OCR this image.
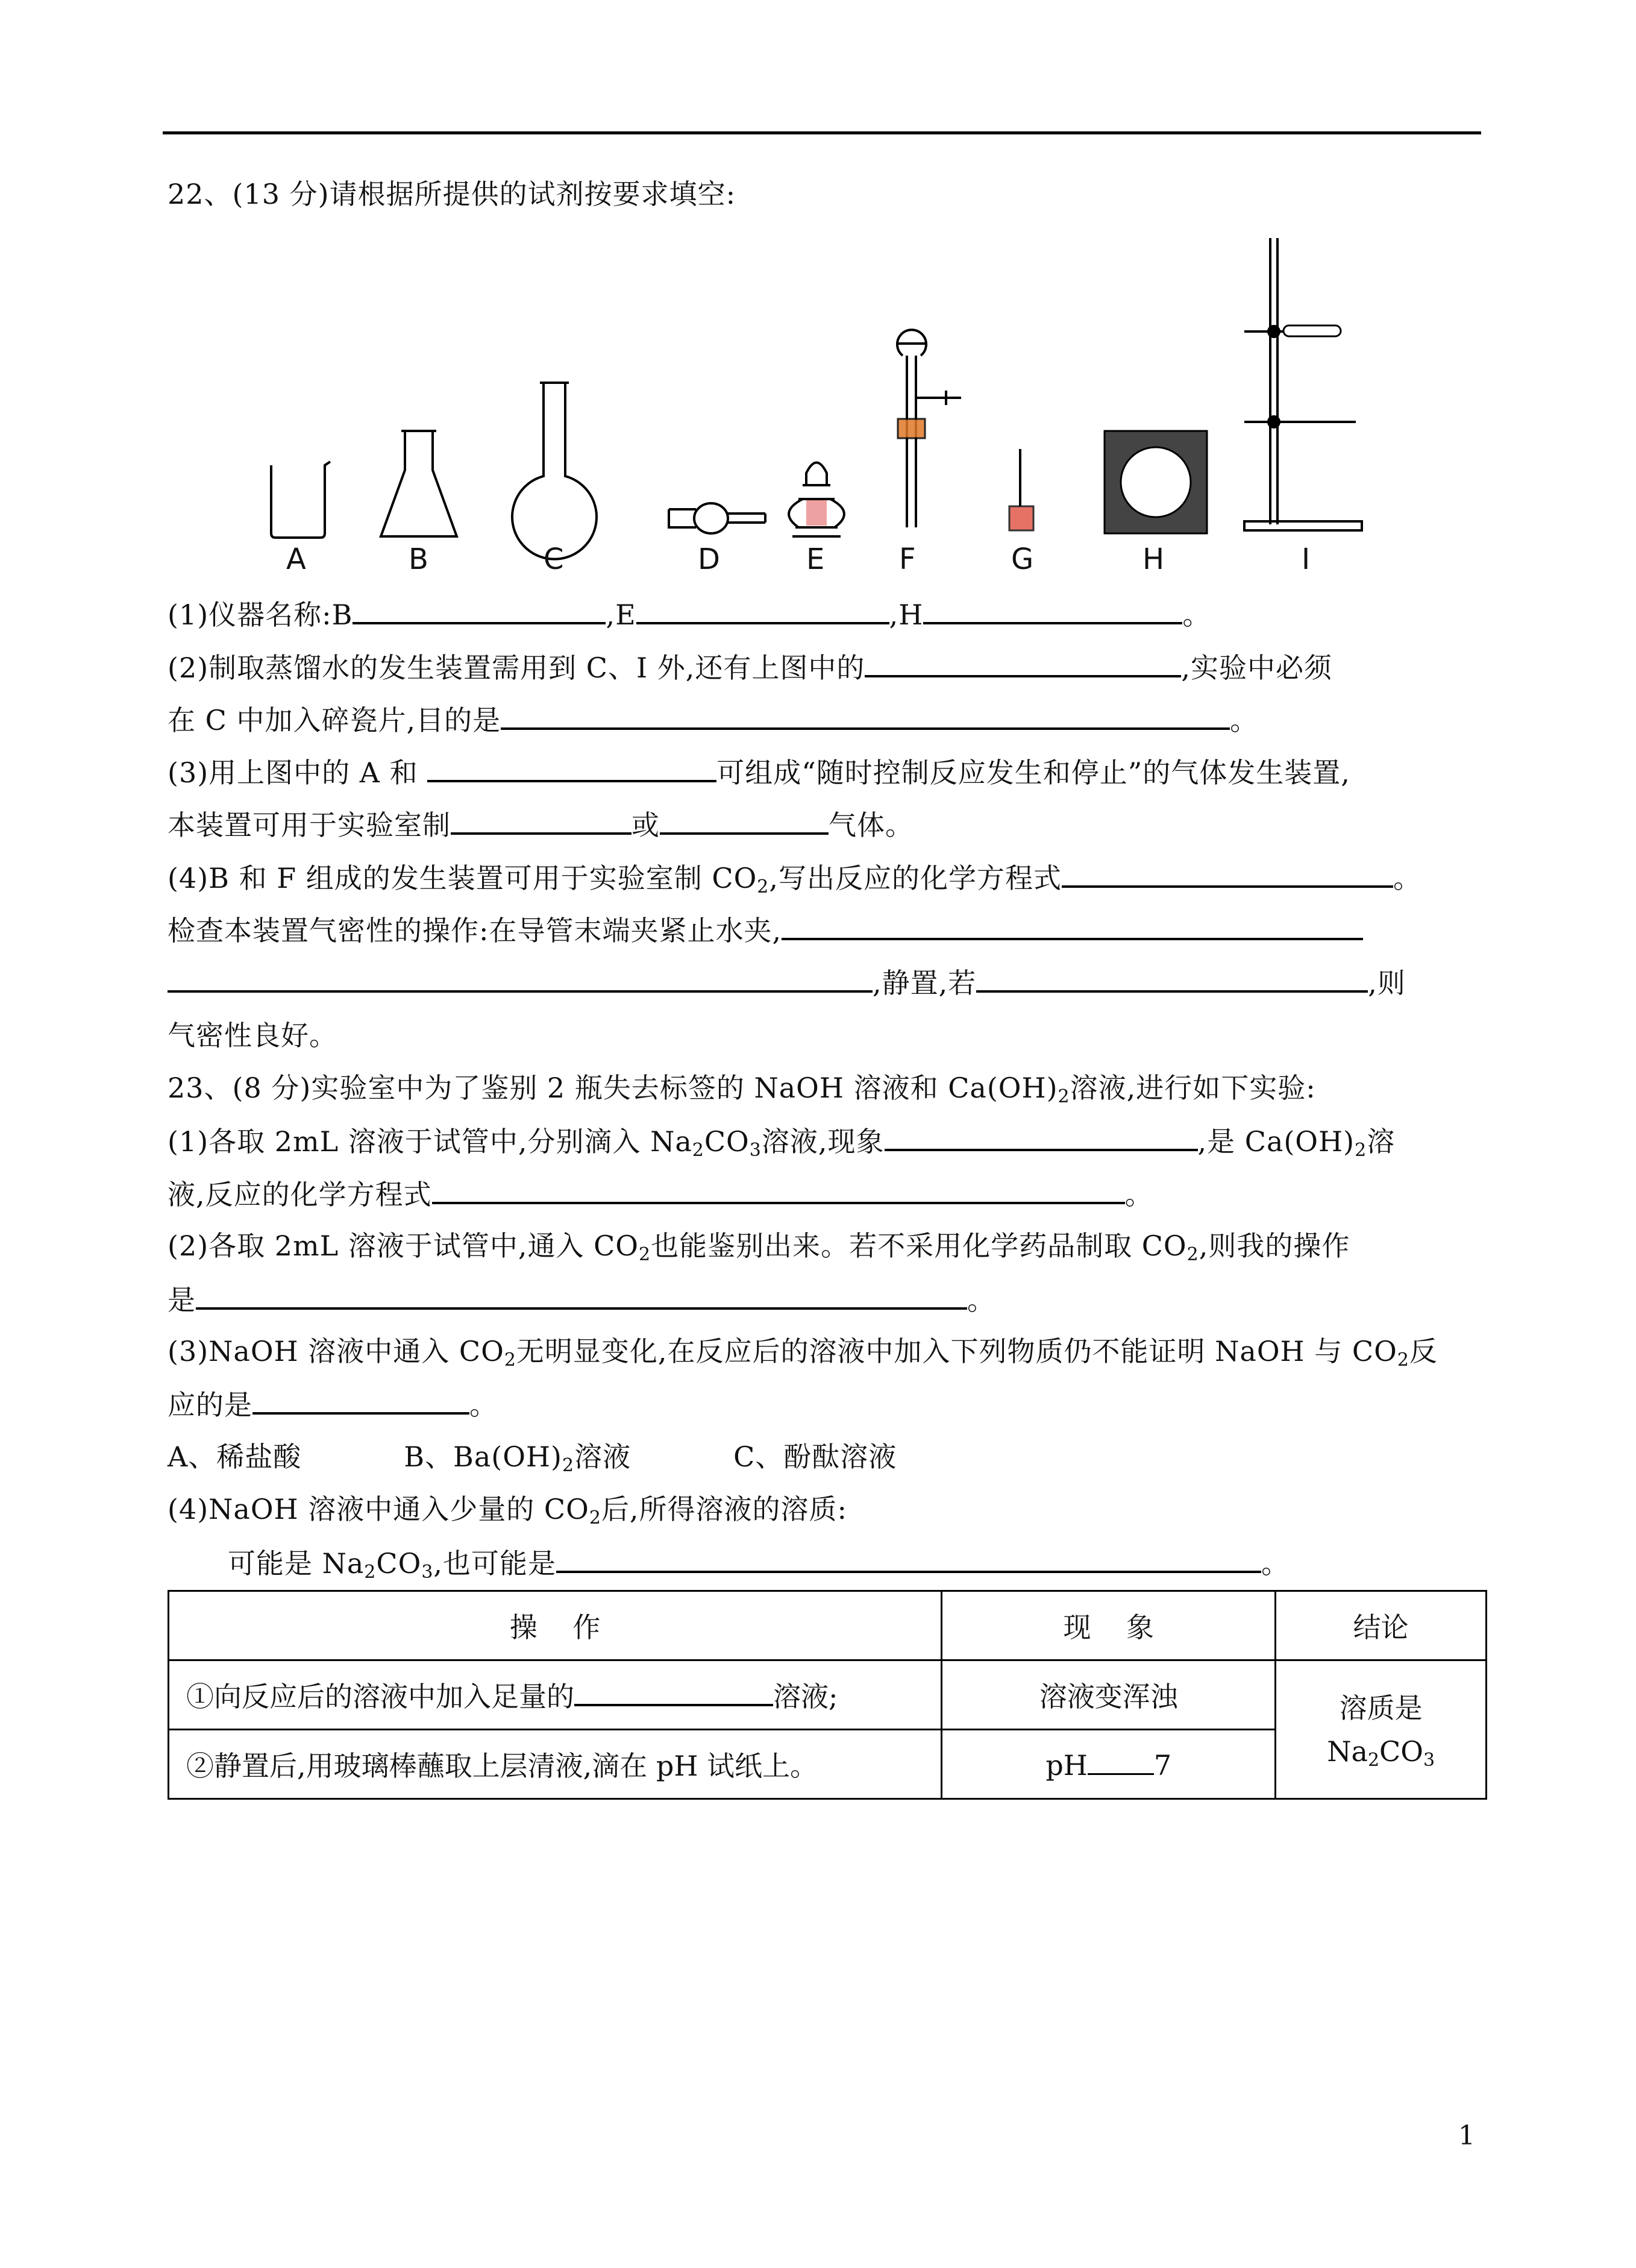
22、(13 分)请根据所提供的试剂按要求填空:
A	B	C	D	E	F	G	H	I
(1)仪器名称:B	,E	,H	。
(2)制取蒸馏水的发生装置需用到 C、I 外,还有上图中的	,实验中必须
在 C 中加入碎瓷片,目的是	。
(3)用上图中的 A 和	可组成“随时控制反应发生和停止”的气体发生装置,
本装置可用于实验室制	或	气体。
(4)B 和 F 组成的发生装置可用于实验室制 $CO_2$,写出反应的化学方程式	。
检查本装置气密性的操作:在导管末端夹紧止水夹,
,静置,若	,则
气密性良好。
23、(8 分)实验室中为了鉴别 2 瓶失去标签的 NaOH 溶液和 $Ca(OH)_2$溶液,进行如下实验:
(1)各取 2mL 溶液于试管中,分别滴入 $Na_2CO_3$溶液,现象	,是 $Ca(OH)_2$溶
液,反应的化学方程式	。
(2)各取 2mL 溶液于试管中,通入 $CO_2$也能鉴别出来。若不采用化学药品制取 $CO_2$,则我的操作
是	。
(3)NaOH 溶液中通入 $CO_2$无明显变化,在反应后的溶液中加入下列物质仍不能证明 NaOH 与 $CO_2$反
应的是	。
A、稀盐酸	B、$Ba(OH)_2$溶液	C、酚酞溶液
(4)NaOH 溶液中通入少量的 $CO_2$后,所得溶液的溶质:
可能是 $Na_2CO_3$,也可能是	。
操    作	现    象	结论
①向反应后的溶液中加入足量的 溶液;	溶液变浑浊	溶质是
$Na_2CO_3$

②静置后,用玻璃棒蘸取上层清液,滴在 pH 试纸上。	pH 7	
1
